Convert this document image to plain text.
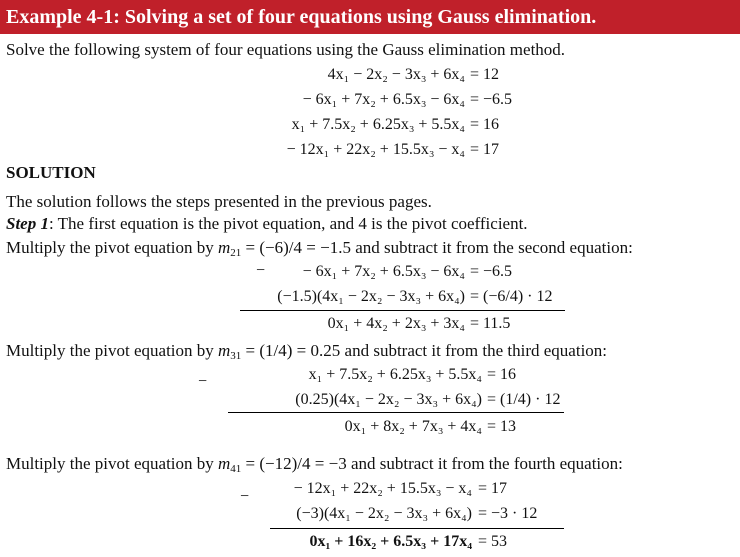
Example 4-1: Solving a set of four equations using Gauss elimination.
Solve the following system of four equations using the Gauss elimination method.
4x₁ − 2x₂ − 3x₃ + 6x₄ = 12
− 6x₁ + 7x₂ + 6.5x₃ − 6x₄ = −6.5
x₁ + 7.5x₂ + 6.25x₃ + 5.5x₄ = 16
− 12x₁ + 22x₂ + 15.5x₃ − x₄ = 17
SOLUTION
The solution follows the steps presented in the previous pages.
Step 1: The first equation is the pivot equation, and 4 is the pivot coefficient.
Multiply the pivot equation by $m_{21} = (-6)/4 = -1.5$ and subtract it from the second equation:
− − 6x₁ + 7x₂ + 6.5x₃ − 6x₄ = −6.5
(−1.5)(4x₁ − 2x₂ − 3x₃ + 6x₄) = (−6/4) · 12
0x₁ + 4x₂ + 2x₃ + 3x₄ = 11.5
Multiply the pivot equation by $m_{31} = (1/4) = 0.25$ and subtract it from the third equation:
−	x₁ + 7.5x₂ + 6.25x₃ + 5.5x₄ = 16
(0.25)(4x₁ − 2x₂ − 3x₃ + 6x₄) = (1/4) · 12
0x₁ + 8x₂ + 7x₃ + 4x₄ = 13
Multiply the pivot equation by $m_{41} = (-12)/4 = -3$ and subtract it from the fourth equation:
−	− 12x₁ + 22x₂ + 15.5x₃ − x₄ = 17
(−3)(4x₁ − 2x₂ − 3x₃ + 6x₄) = −3 · 12
0x₁ + 16x₂ + 6.5x₃ + 17x₄ = 53
